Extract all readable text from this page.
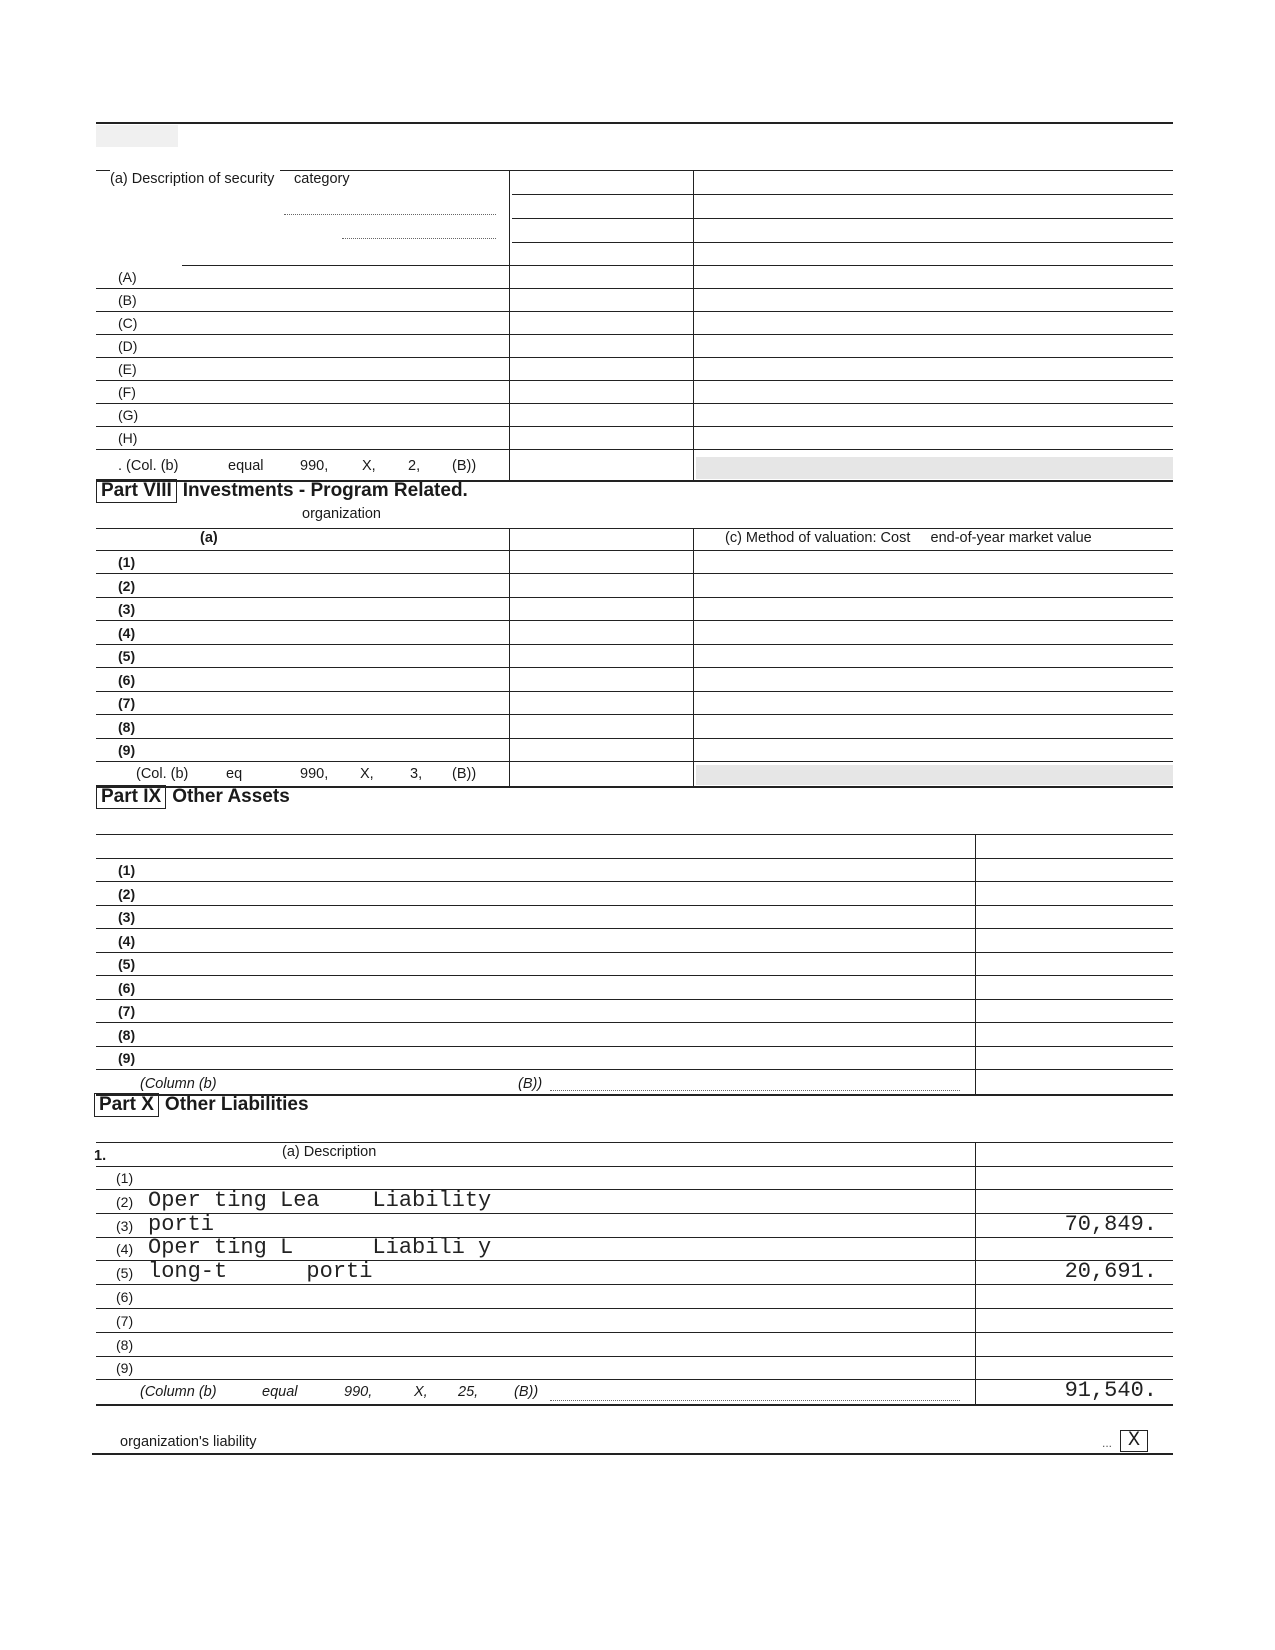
(a) Description of security	category
(A)
(B)
(C)
(D)
(E)
(F)
(G)
(H)
. (Col. (b)	equal	990, X, 2, (B))
Part VIII Investments - Program Related.
organization
(a)	(c) Method of valuation: Cost end-of-year market value
(1)
(2)
(3)
(4)
(5)
(6)
(7)
(8)
(9)
(Col. (b)	eq	990, X,	3, (B))
Part IX Other Assets
(1)
(2)
(3)
(4)
(5)
(6)
(7)
(8)
(9)
(Column (b)	(B))
Part X Other Liabilities
1.	(a) Description
(1)
(2) Oper ting Lea    Liability
(3) porti	70,849.
(4) Oper ting L      Liabili y
(5) long-t      porti	20,691.
(6)
(7)
(8)
(9)
(Column (b)	equal	990,	X, 25, (B))	91,540.
organization's liability	... X
